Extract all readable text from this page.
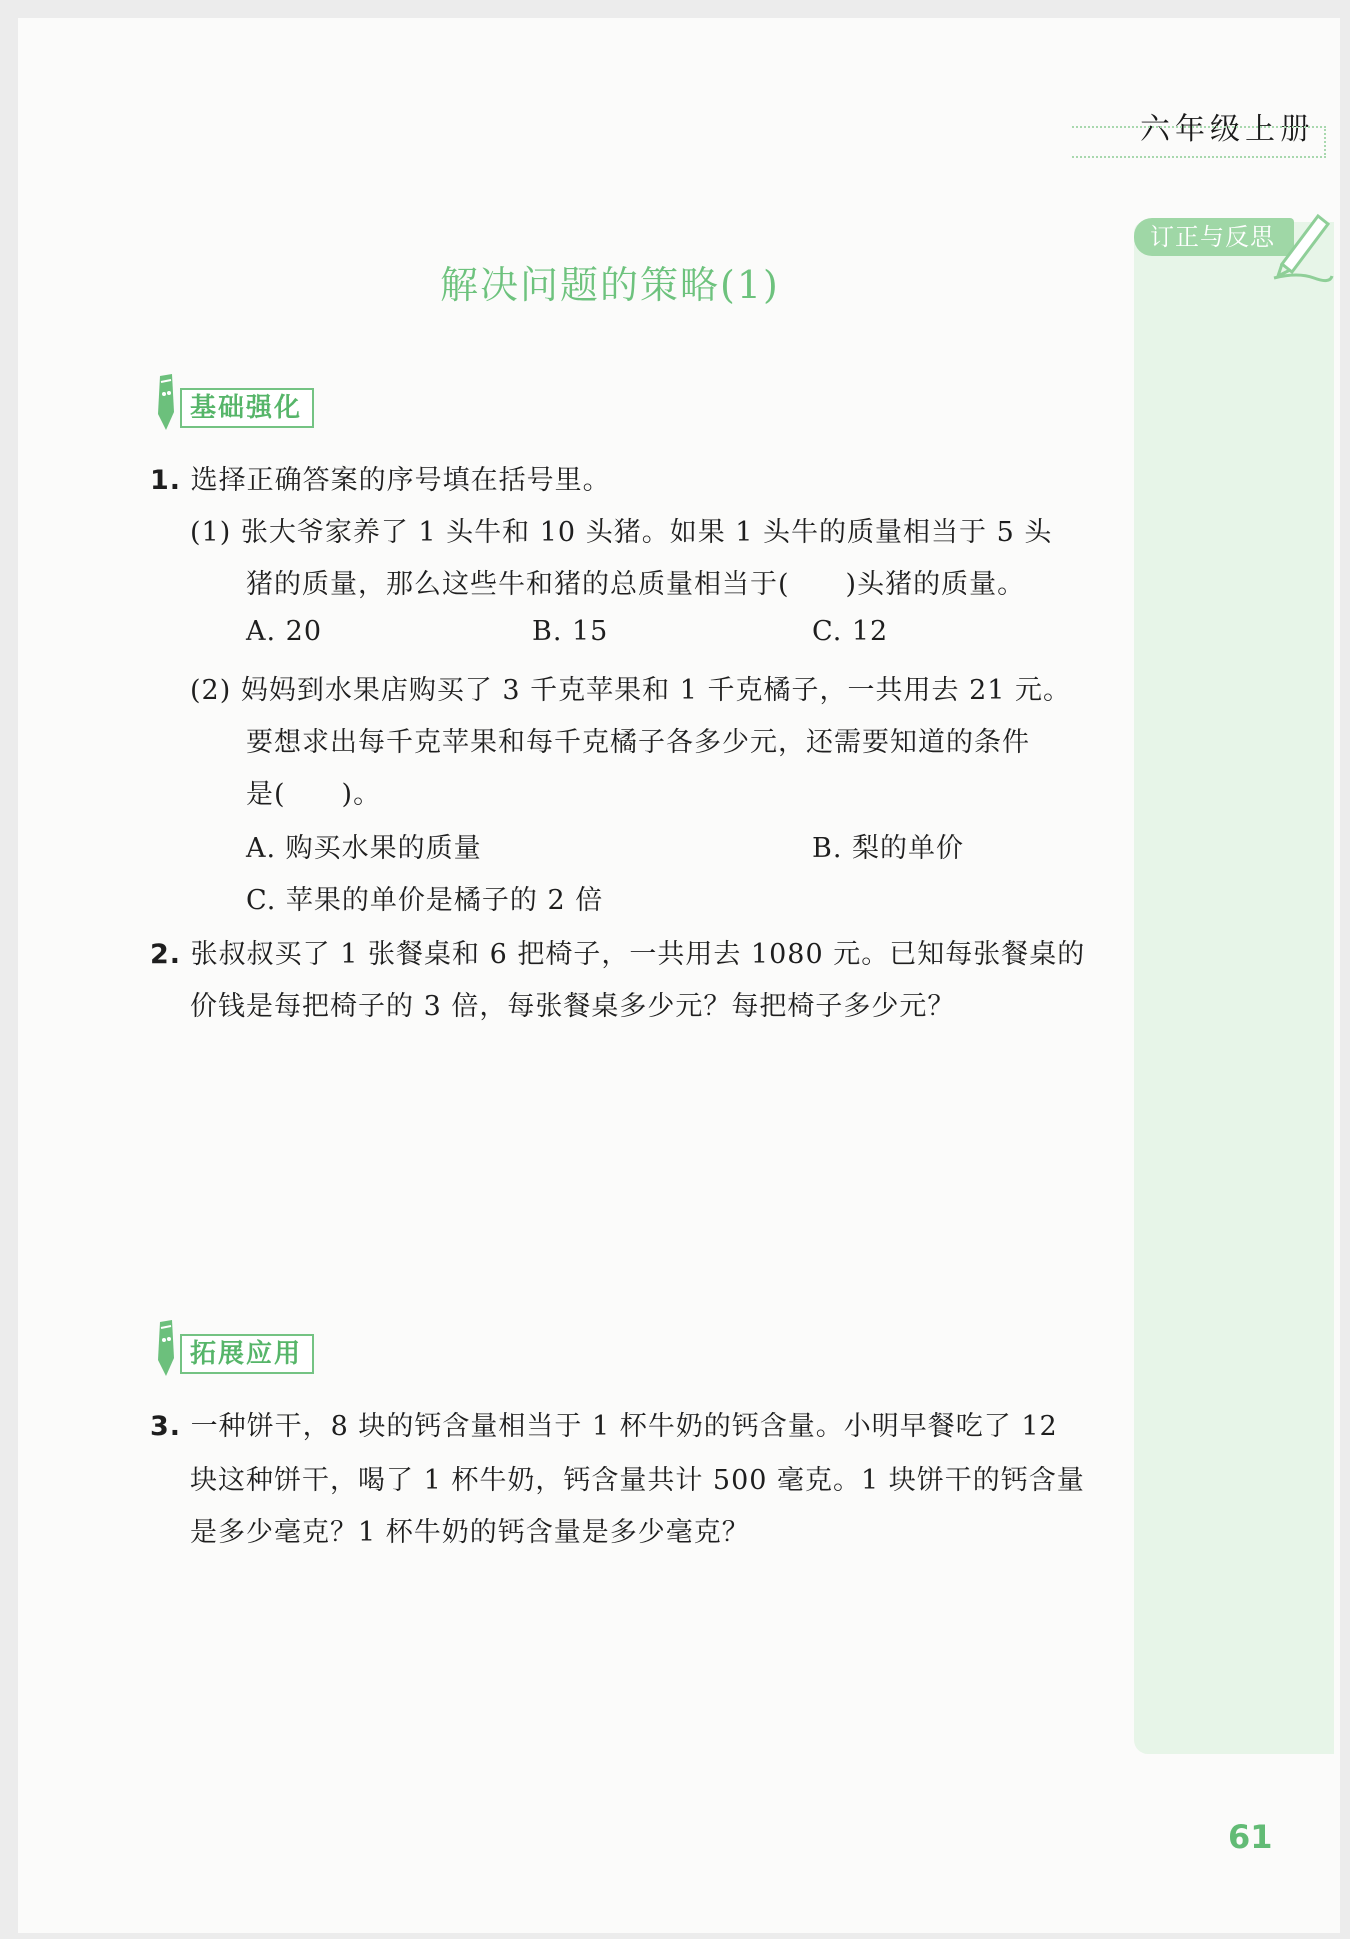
六年级上册
订正与反思
解决问题的策略(1)
基础强化
1. 选择正确答案的序号填在括号里。
(1) 张大爷家养了 1 头牛和 10 头猪。如果 1 头牛的质量相当于 5 头
猪的质量，那么这些牛和猪的总质量相当于(　　)头猪的质量。
A. 20	B. 15	C. 12
(2) 妈妈到水果店购买了 3 千克苹果和 1 千克橘子，一共用去 21 元。
要想求出每千克苹果和每千克橘子各多少元，还需要知道的条件
是(　　)。
A. 购买水果的质量	B. 梨的单价
C. 苹果的单价是橘子的 2 倍
2. 张叔叔买了 1 张餐桌和 6 把椅子，一共用去 1080 元。已知每张餐桌的
价钱是每把椅子的 3 倍，每张餐桌多少元？每把椅子多少元？
拓展应用
3. 一种饼干，8 块的钙含量相当于 1 杯牛奶的钙含量。小明早餐吃了 12
块这种饼干，喝了 1 杯牛奶，钙含量共计 500 毫克。1 块饼干的钙含量
是多少毫克？1 杯牛奶的钙含量是多少毫克？
61
